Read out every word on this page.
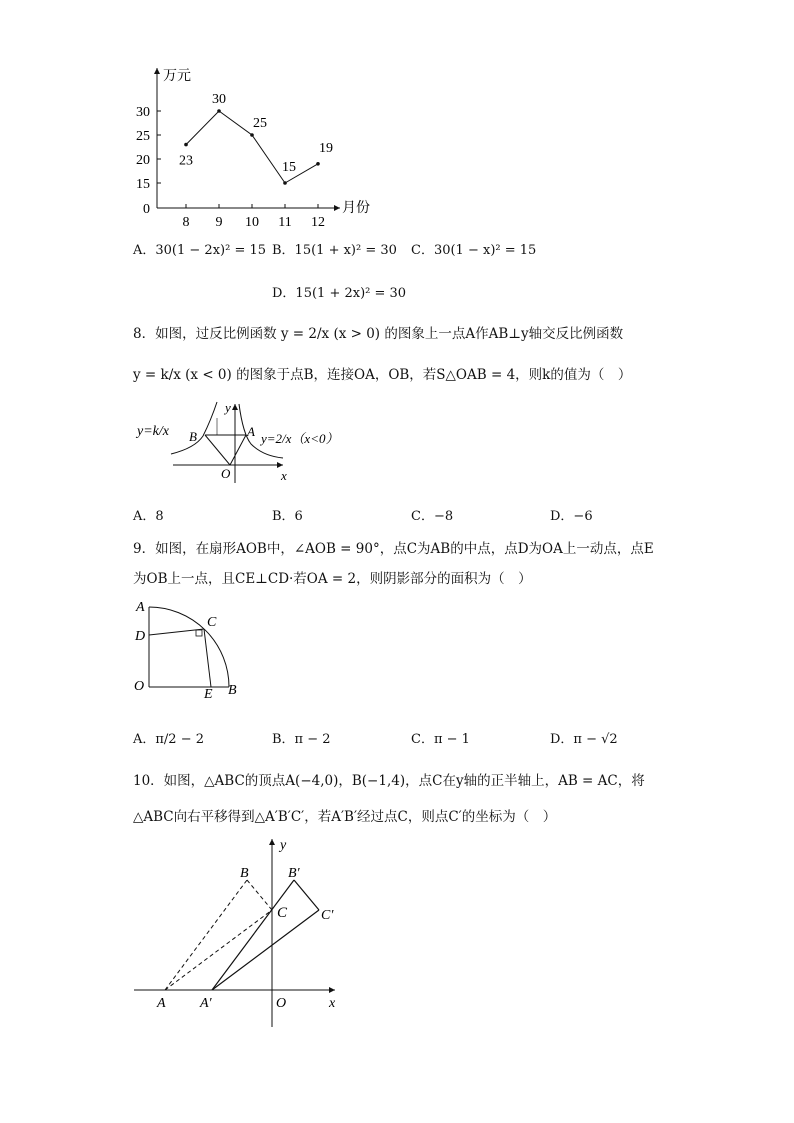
0
15
20
25
30
8 9 10 11 12
万元
月份
23
30
25
15
19
A．30(1 − 2x)² = 15 B．15(1 + x)² = 30 C．30(1 − x)² = 15
D．15(1 + 2x)² = 30
8．如图，过反比例函数 y = 2/x (x > 0) 的图象上一点A作AB⊥y轴交反比例函数
y = k/x (x < 0) 的图象于点B，连接OA，OB，若S△OAB = 4，则k的值为（　）
y=k/x	y=2/x（x<0）
B	A
O
y
x
A．8	B．6	C．−8	D．−6
9．如图，在扇形AOB中，∠AOB = 90°，点C为AB的中点，点D为OA上一动点，点E
为OB上一点，且CE⊥CD·若OA = 2，则阴影部分的面积为（　）
A
C
D
O
E B
A．π/2 − 2	B．π − 2	C．π − 1	D．π − √2
10．如图，△ABC的顶点A(−4,0)，B(−1,4)，点C在y轴的正半轴上，AB = AC，将
△ABC向右平移得到△A′B′C′，若A′B′经过点C，则点C′的坐标为（　）
B	B′
C C′
A A′	O
y
x
